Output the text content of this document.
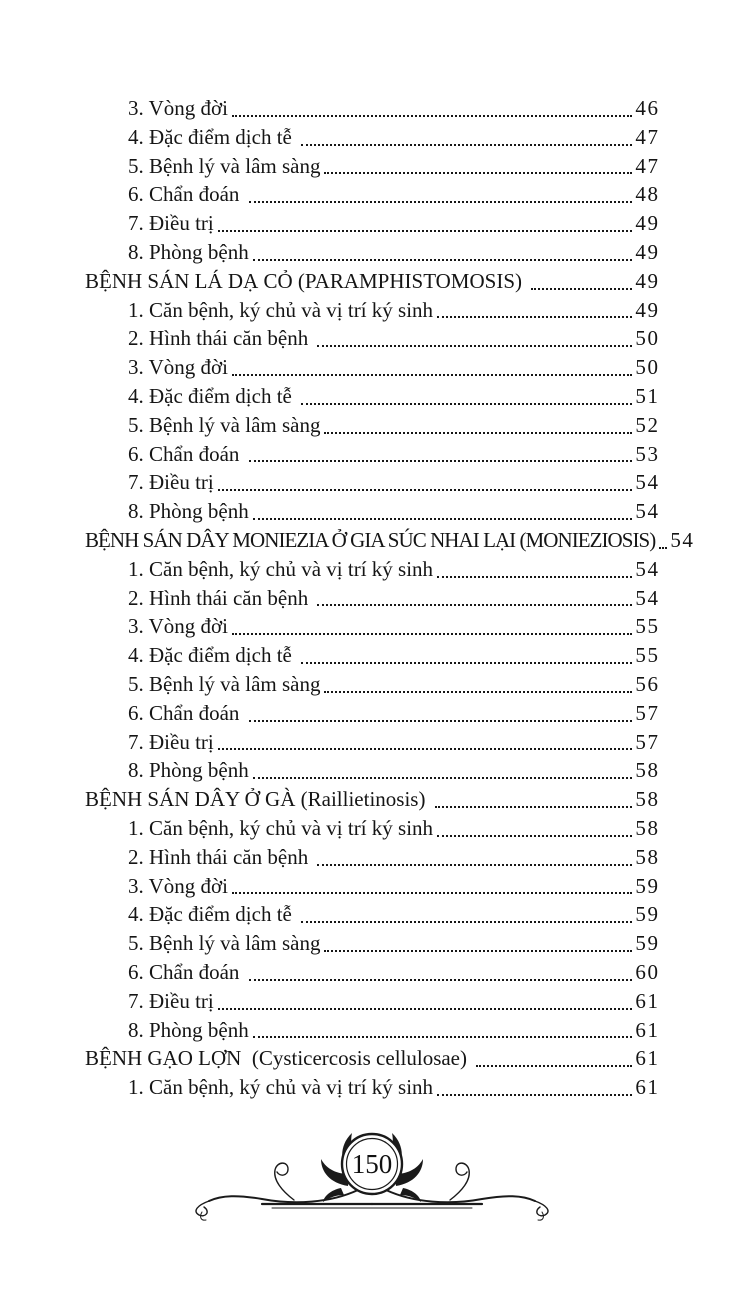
3. Vòng đời	46
4. Đặc điểm dịch tễ	47
5. Bệnh lý và lâm sàng	47
6. Chẩn đoán	48
7. Điều trị	49
8. Phòng bệnh	49
BỆNH SÁN LÁ DẠ CỎ (PARAMPHISTOMOSIS)	49
1. Căn bệnh, ký chủ và vị trí ký sinh	49
2. Hình thái căn bệnh	50
3. Vòng đời	50
4. Đặc điểm dịch tễ	51
5. Bệnh lý và lâm sàng	52
6. Chẩn đoán	53
7. Điều trị	54
8. Phòng bệnh	54
BỆNH SÁN DÂY MONIEZIA Ở GIA SÚC NHAI LẠI (MONIEZIOSIS) 54
1. Căn bệnh, ký chủ và vị trí ký sinh	54
2. Hình thái căn bệnh	54
3. Vòng đời	55
4. Đặc điểm dịch tễ	55
5. Bệnh lý và lâm sàng	56
6. Chẩn đoán	57
7. Điều trị	57
8. Phòng bệnh	58
BỆNH SÁN DÂY Ở GÀ (Raillietinosis)	58
1. Căn bệnh, ký chủ và vị trí ký sinh	58
2. Hình thái căn bệnh	58
3. Vòng đời	59
4. Đặc điểm dịch tễ	59
5. Bệnh lý và lâm sàng	59
6. Chẩn đoán	60
7. Điều trị	61
8. Phòng bệnh	61
BỆNH GẠO LỢN  (Cysticercosis cellulosae)	61
1. Căn bệnh, ký chủ và vị trí ký sinh	61
150
